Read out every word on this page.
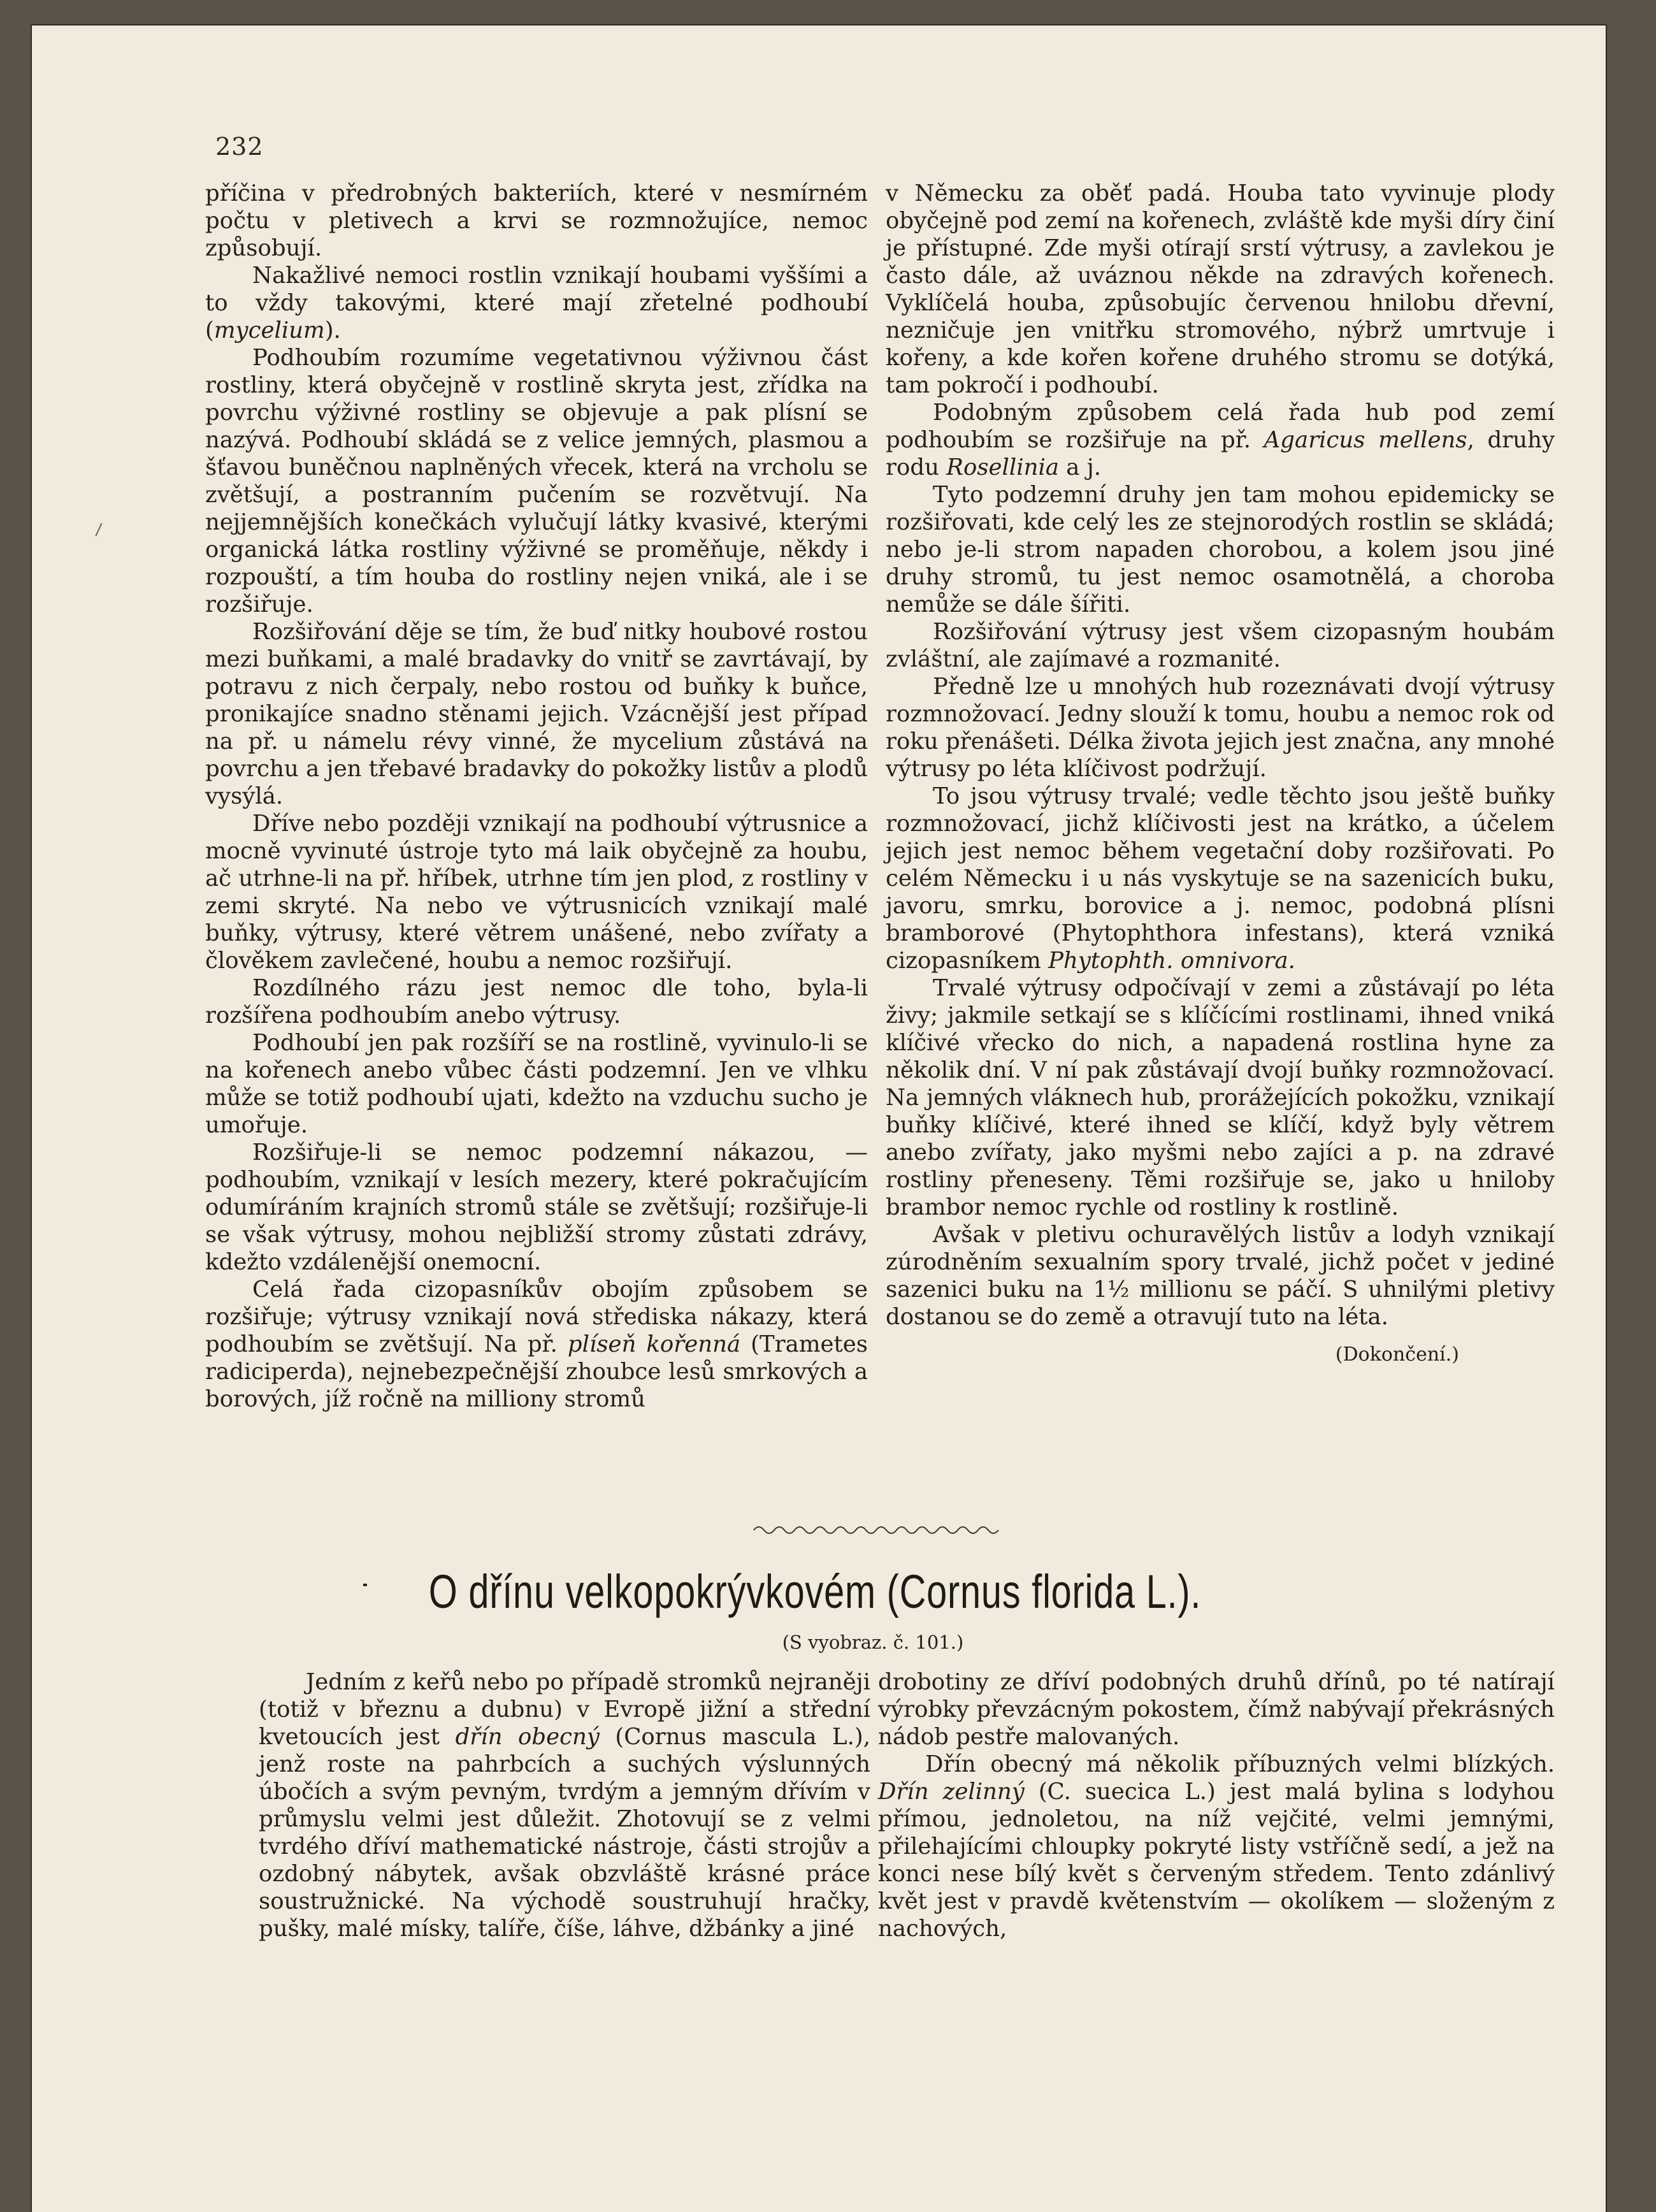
232

příčina v předrobných bakteriích, které v nesmírném počtu v pletivech a krvi se rozmnožujíce, nemoc způsobují.

Nakažlivé nemoci rostlin vznikají houbami vyššími a to vždy takovými, které mají zřetelné podhoubí (mycelium).

Podhoubím rozumíme vegetativnou výživnou část rostliny, která obyčejně v rostlině skryta jest, zřídka na povrchu výživné rostliny se objevuje a pak plísní se nazývá. Podhoubí skládá se z velice jemných, plasmou a šťavou buněčnou naplněných vřecek, která na vrcholu se zvětšují, a postranním pučením se rozvětvují. Na nejjemnějších konečkách vylučují látky kvasivé, kterými organická látka rostliny výživné se proměňuje, někdy i rozpouští, a tím houba do rostliny nejen vniká, ale i se rozšiřuje.

Rozšiřování děje se tím, že buď nitky houbové rostou mezi buňkami, a malé bradavky do vnitř se zavrtávají, by potravu z nich čerpaly, nebo rostou od buňky k buňce, pronikajíce snadno stěnami jejich. Vzácnější jest případ na př. u námelu révy vinné, že mycelium zůstává na povrchu a jen třebavé bradavky do pokožky listův a plodů vysýlá.

Dříve nebo později vznikají na podhoubí výtrusnice a mocně vyvinuté ústroje tyto má laik obyčejně za houbu, ač utrhne-li na př. hříbek, utrhne tím jen plod, z rostliny v zemi skryté. Na nebo ve výtrusnicích vznikají malé buňky, výtrusy, které větrem unášené, nebo zvířaty a člověkem zavlečené, houbu a nemoc rozšiřují.

Rozdílného rázu jest nemoc dle toho, byla-li rozšířena podhoubím anebo výtrusy.

Podhoubí jen pak rozšíří se na rostlině, vyvinulo-li se na kořenech anebo vůbec části podzemní. Jen ve vlhku může se totiž podhoubí ujati, kdežto na vzduchu sucho je umořuje.

Rozšiřuje-li se nemoc podzemní nákazou, — podhoubím, vznikají v lesích mezery, které pokračujícím odumíráním krajních stromů stále se zvětšují; rozšiřuje-li se však výtrusy, mohou nejbližší stromy zůstati zdrávy, kdežto vzdálenější onemocní.

Celá řada cizopasníkův obojím způsobem se rozšiřuje; výtrusy vznikají nová střediska nákazy, která podhoubím se zvětšují. Na př. plíseň kořenná (Trametes radiciperda), nejnebezpečnější zhoubce lesů smrkových a borových, jíž ročně na milliony stromů

v Německu za oběť padá. Houba tato vyvinuje plody obyčejně pod zemí na kořenech, zvláště kde myši díry činí je přístupné. Zde myši otírají srstí výtrusy, a zavlekou je často dále, až uváznou někde na zdravých kořenech. Vyklíčelá houba, způsobujíc červenou hnilobu dřevní, nezničuje jen vnitřku stromového, nýbrž umrtvuje i kořeny, a kde kořen kořene druhého stromu se dotýká, tam pokročí i podhoubí.

Podobným způsobem celá řada hub pod zemí podhoubím se rozšiřuje na př. Agaricus mellens, druhy rodu Rosellinia a j.

Tyto podzemní druhy jen tam mohou epidemicky se rozšiřovati, kde celý les ze stejnorodých rostlin se skládá; nebo je-li strom napaden chorobou, a kolem jsou jiné druhy stromů, tu jest nemoc osamotnělá, a choroba nemůže se dále šířiti.

Rozšiřování výtrusy jest všem cizopasným houbám zvláštní, ale zajímavé a rozmanité.

Předně lze u mnohých hub rozeznávati dvojí výtrusy rozmnožovací. Jedny slouží k tomu, houbu a nemoc rok od roku přenášeti. Délka života jejich jest značna, any mnohé výtrusy po léta klíčivost podržují.

To jsou výtrusy trvalé; vedle těchto jsou ještě buňky rozmnožovací, jichž klíčivosti jest na krátko, a účelem jejich jest nemoc během vegetační doby rozšiřovati. Po celém Německu i u nás vyskytuje se na sazenicích buku, javoru, smrku, borovice a j. nemoc, podobná plísni bramborové (Phytophthora infestans), která vzniká cizopasníkem Phytophth. omnivora.

Trvalé výtrusy odpočívají v zemi a zůstávají po léta živy; jakmile setkají se s klíčícími rostlinami, ihned vniká klíčivé vřecko do nich, a napadená rostlina hyne za několik dní. V ní pak zůstávají dvojí buňky rozmnožovací. Na jemných vláknech hub, prorážejících pokožku, vznikají buňky klíčivé, které ihned se klíčí, když byly větrem anebo zvířaty, jako myšmi nebo zajíci a p. na zdravé rostliny přeneseny. Těmi rozšiřuje se, jako u hniloby brambor nemoc rychle od rostliny k rostlině.

Avšak v pletivu ochuravělých listův a lodyh vznikají zúrodněním sexualním spory trvalé, jichž počet v jediné sazenici buku na 1½ millionu se páčí. S uhnilými pletivy dostanou se do země a otravují tuto na léta.

(Dokončení.)
O dřínu velkopokrývkovém (Cornus florida L.).
(S vyobraz. č. 101.)

Jedním z keřů nebo po případě stromků nejraněji (totiž v březnu a dubnu) v Evropě jižní a střední kvetoucích jest dřín obecný (Cornus mascula L.), jenž roste na pahrbcích a suchých výslunných úbočích a svým pevným, tvrdým a jemným dřívím v průmyslu velmi jest důležit. Zhotovují se z velmi tvrdého dříví mathematické nástroje, části strojův a ozdobný nábytek, avšak obzvláště krásné práce soustružnické. Na východě soustruhují hračky, pušky, malé mísky, talíře, číše, láhve, džbánky a jiné

drobotiny ze dříví podobných druhů dřínů, po té natírají výrobky převzácným pokostem, čímž nabývají překrásných nádob pestře malovaných.

Dřín obecný má několik příbuzných velmi blízkých. Dřín zelinný (C. suecica L.) jest malá bylina s lodyhou přímou, jednoletou, na níž vejčité, velmi jemnými, přilehajícími chloupky pokryté listy vstříčně sedí, a jež na konci nese bílý květ s červeným středem. Tento zdánlivý květ jest v pravdě květenstvím — okolíkem — složeným z nachových,
